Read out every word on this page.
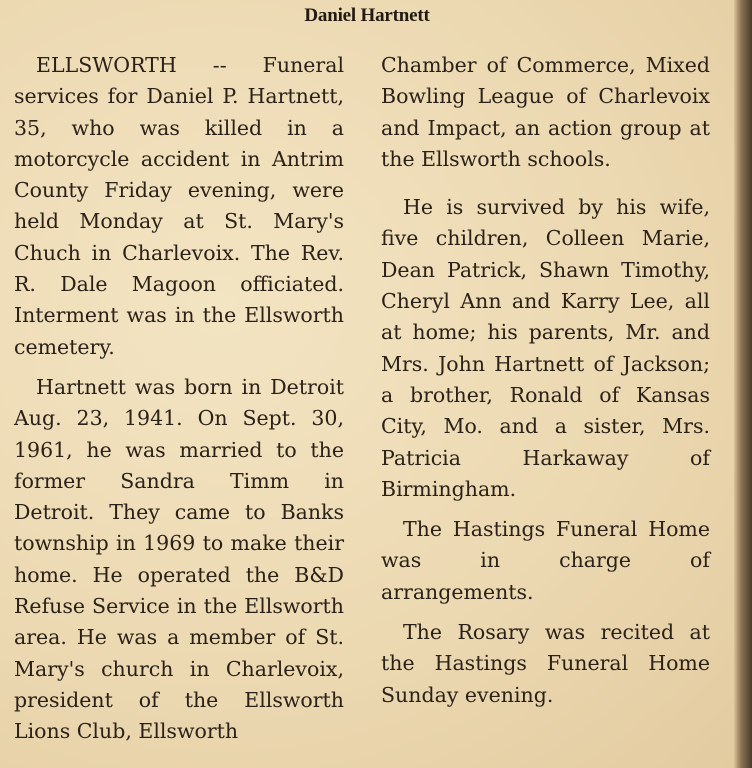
Daniel Hartnett

ELLSWORTH -- Funeral services for Daniel P. Hartnett, 35, who was killed in a motorcycle accident in Antrim County Friday evening, were held Monday at St. Mary's Chuch in Charlevoix. The Rev. R. Dale Magoon officiated. Interment was in the Ellsworth cemetery.

Hartnett was born in Detroit Aug. 23, 1941. On Sept. 30, 1961, he was married to the former Sandra Timm in Detroit. They came to Banks township in 1969 to make their home. He operated the B&D Refuse Service in the Ellsworth area. He was a member of St. Mary's church in Charlevoix, president of the Ellsworth Lions Club, Ellsworth

Chamber of Commerce, Mixed Bowling League of Charlevoix and Impact, an action group at the Ellsworth schools.

He is survived by his wife, five children, Colleen Marie, Dean Patrick, Shawn Timothy, Cheryl Ann and Karry Lee, all at home; his parents, Mr. and Mrs. John Hartnett of Jackson; a brother, Ronald of Kansas City, Mo. and a sister, Mrs. Patricia Harkaway of Birmingham.

The Hastings Funeral Home was in charge of arrangements.

The Rosary was recited at the Hastings Funeral Home Sunday evening.
